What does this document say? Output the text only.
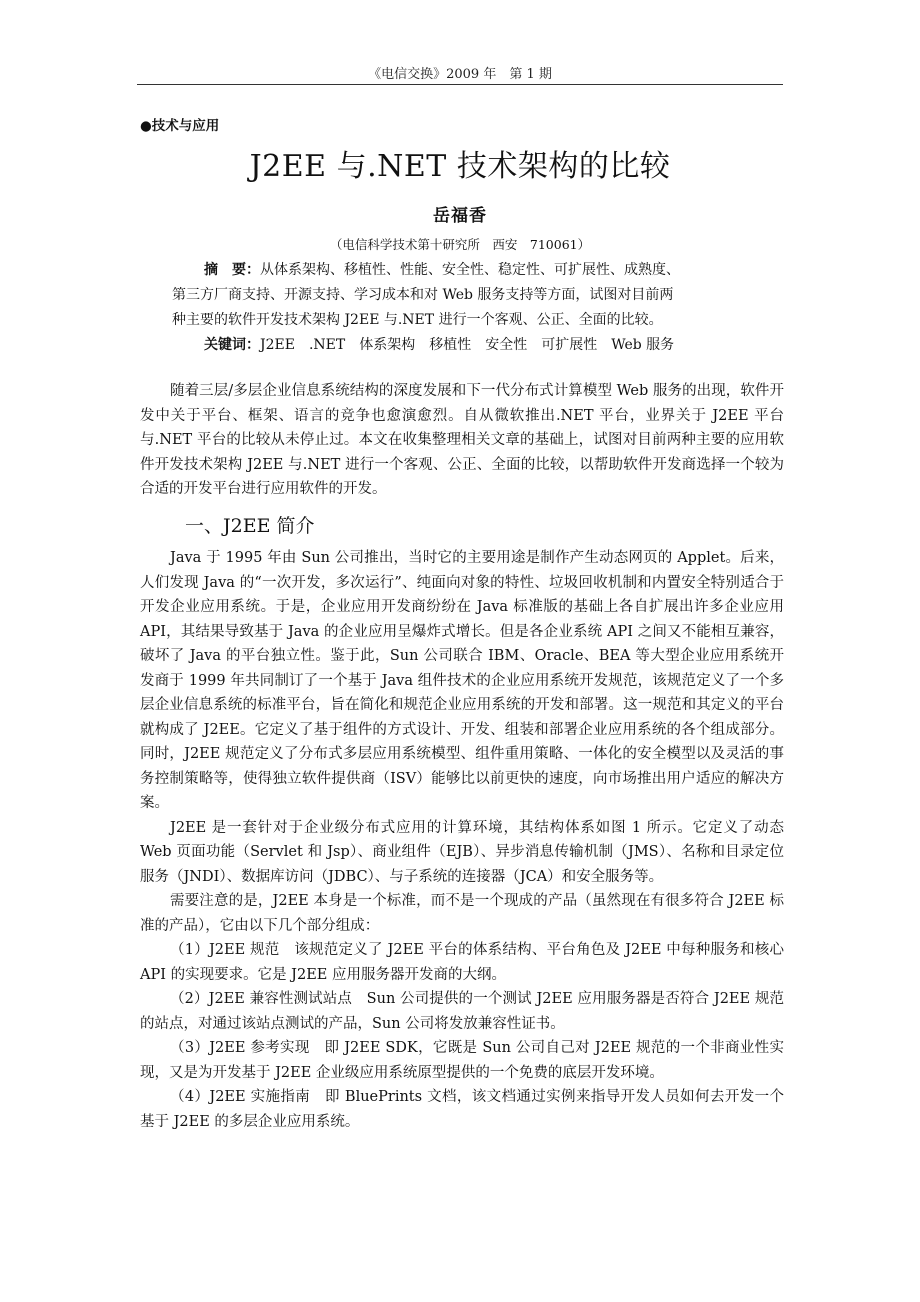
《电信交换》2009 年　第 1 期
●技术与应用
J2EE 与.NET 技术架构的比较
岳福香
（电信科学技术第十研究所　西安　710061）
摘　要：从体系架构、移植性、性能、安全性、稳定性、可扩展性、成熟度、
第三方厂商支持、开源支持、学习成本和对 Web 服务支持等方面，试图对目前两
种主要的软件开发技术架构 J2EE 与.NET 进行一个客观、公正、全面的比较。
关键词：J2EE　.NET　体系架构　移植性　安全性　可扩展性　Web 服务

随着三层/多层企业信息系统结构的深度发展和下一代分布式计算模型 Web 服务的出现，软件开发中关于平台、框架、语言的竞争也愈演愈烈。自从微软推出.NET 平台，业界关于 J2EE 平台与.NET 平台的比较从未停止过。本文在收集整理相关文章的基础上，试图对目前两种主要的应用软件开发技术架构 J2EE 与.NET 进行一个客观、公正、全面的比较，以帮助软件开发商选择一个较为合适的开发平台进行应用软件的开发。

一、J2EE 简介

Java 于 1995 年由 Sun 公司推出，当时它的主要用途是制作产生动态网页的 Applet。后来，人们发现 Java 的“一次开发，多次运行”、纯面向对象的特性、垃圾回收机制和内置安全特别适合于开发企业应用系统。于是，企业应用开发商纷纷在 Java 标准版的基础上各自扩展出许多企业应用 API，其结果导致基于 Java 的企业应用呈爆炸式增长。但是各企业系统 API 之间又不能相互兼容，破坏了 Java 的平台独立性。鉴于此，Sun 公司联合 IBM、Oracle、BEA 等大型企业应用系统开发商于 1999 年共同制订了一个基于 Java 组件技术的企业应用系统开发规范，该规范定义了一个多层企业信息系统的标准平台，旨在简化和规范企业应用系统的开发和部署。这一规范和其定义的平台就构成了 J2EE。它定义了基于组件的方式设计、开发、组装和部署企业应用系统的各个组成部分。同时，J2EE 规范定义了分布式多层应用系统模型、组件重用策略、一体化的安全模型以及灵活的事务控制策略等，使得独立软件提供商（ISV）能够比以前更快的速度，向市场推出用户适应的解决方案。

J2EE 是一套针对于企业级分布式应用的计算环境，其结构体系如图 1 所示。它定义了动态 Web 页面功能（Servlet 和 Jsp）、商业组件（EJB）、异步消息传输机制（JMS）、名称和目录定位服务（JNDI）、数据库访问（JDBC）、与子系统的连接器（JCA）和安全服务等。

需要注意的是，J2EE 本身是一个标准，而不是一个现成的产品（虽然现在有很多符合 J2EE 标准的产品），它由以下几个部分组成：

（1）J2EE 规范　该规范定义了 J2EE 平台的体系结构、平台角色及 J2EE 中每种服务和核心 API 的实现要求。它是 J2EE 应用服务器开发商的大纲。

（2）J2EE 兼容性测试站点　Sun 公司提供的一个测试 J2EE 应用服务器是否符合 J2EE 规范的站点，对通过该站点测试的产品，Sun 公司将发放兼容性证书。

（3）J2EE 参考实现　即 J2EE SDK，它既是 Sun 公司自己对 J2EE 规范的一个非商业性实现，又是为开发基于 J2EE 企业级应用系统原型提供的一个免费的底层开发环境。

（4）J2EE 实施指南　即 BluePrints 文档，该文档通过实例来指导开发人员如何去开发一个基于 J2EE 的多层企业应用系统。
